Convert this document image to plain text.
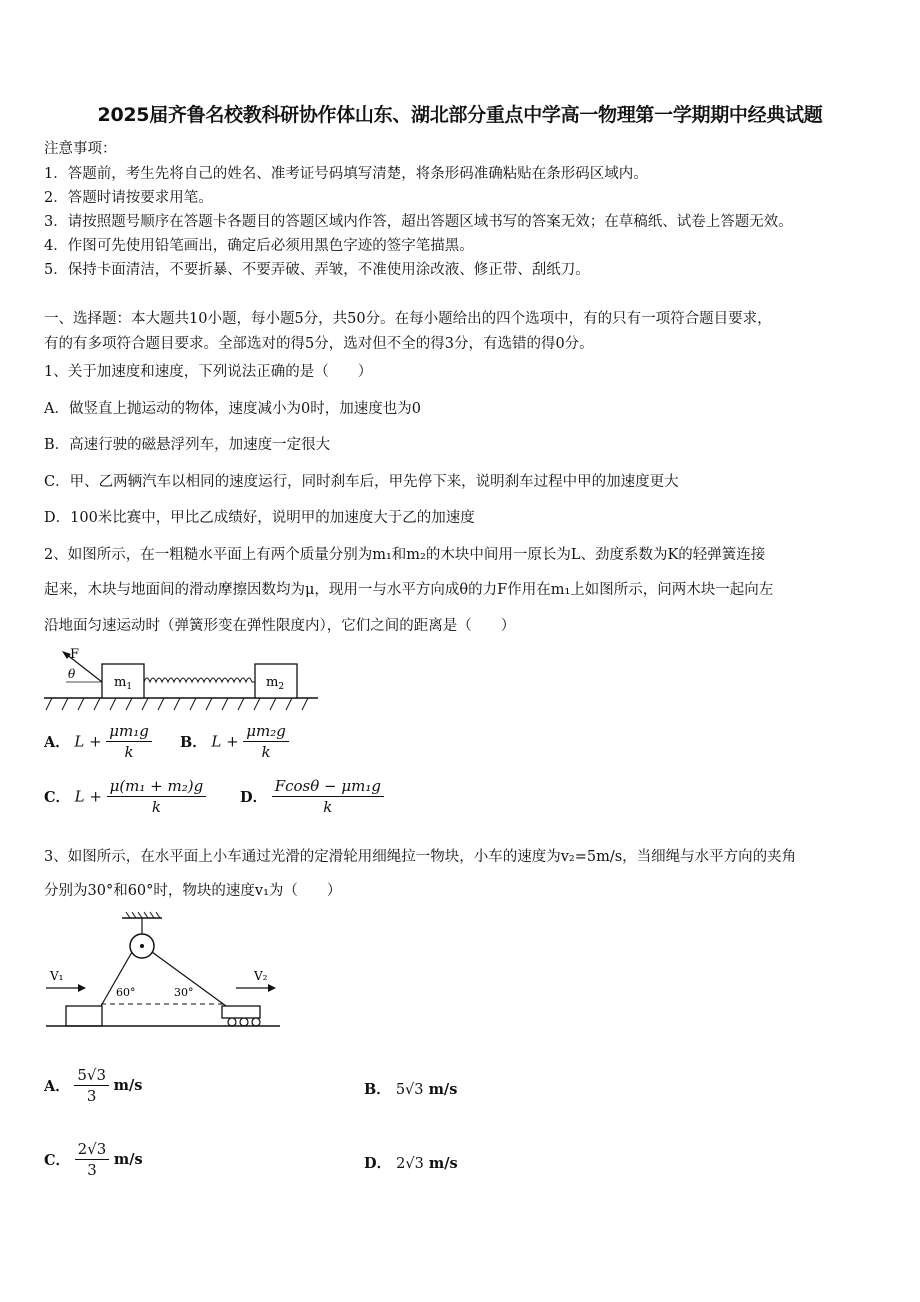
2025届齐鲁名校教科研协作体山东、湖北部分重点中学高一物理第一学期期中经典试题
注意事项：
1．答题前，考生先将自己的姓名、准考证号码填写清楚，将条形码准确粘贴在条形码区域内。
2．答题时请按要求用笔。
3．请按照题号顺序在答题卡各题目的答题区域内作答，超出答题区域书写的答案无效；在草稿纸、试卷上答题无效。
4．作图可先使用铅笔画出，确定后必须用黑色字迹的签字笔描黑。
5．保持卡面清洁，不要折暴、不要弄破、弄皱，不准使用涂改液、修正带、刮纸刀。
一、选择题：本大题共10小题，每小题5分，共50分。在每小题给出的四个选项中，有的只有一项符合题目要求，
有的有多项符合题目要求。全部选对的得5分，选对但不全的得3分，有选错的得0分。
1、关于加速度和速度，下列说法正确的是（　　）
A．做竖直上抛运动的物体，速度减小为0时，加速度也为0
B．高速行驶的磁悬浮列车，加速度一定很大
C．甲、乙两辆汽车以相同的速度运行，同时刹车后，甲先停下来，说明刹车过程中甲的加速度更大
D．100米比赛中，甲比乙成绩好，说明甲的加速度大于乙的加速度
2、如图所示，在一粗糙水平面上有两个质量分别为m₁和m₂的木块中间用一原长为L、劲度系数为K的轻弹簧连接
起来，木块与地面间的滑动摩擦因数均为μ，现用一与水平方向成θ的力F作用在m₁上如图所示，问两木块一起向左
沿地面匀速运动时（弹簧形变在弹性限度内），它们之间的距离是（　　）
F
θ
$m_1$	$m_2$
A． $L + \frac{\text{μm₁g}}{k}$ B． $L + \frac{\text{μm₂g}}{k}$
C． $L + \frac{\text{μ(m₁ + m₂)g}}{k}$ D． $\frac{\text{Fcosθ − μm₁g}}{k}$
3、如图所示，在水平面上小车通过光滑的定滑轮用细绳拉一物块，小车的速度为v₂=5m/s，当细绳与水平方向的夹角
分别为30°和60°时，物块的速度v₁为（　　）
V₁	V₂
60°	30°
A． $\frac{5√3}{3} m/s$	B． 5√3 m/s
C． $\frac{2√3}{3} m/s$	D． 2√3 m/s
